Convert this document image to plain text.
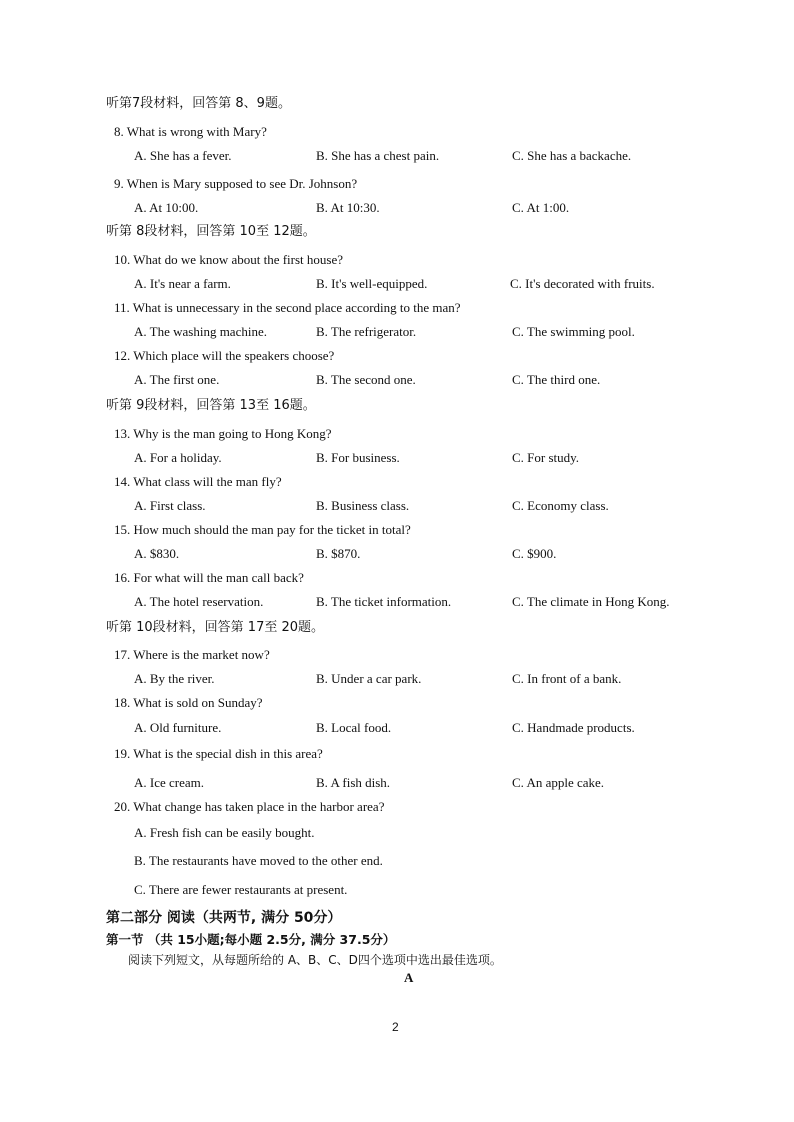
听第7段材料，回答第 8、9题。
8. What is wrong with Mary?
A. She has a fever.	B. She has a chest pain.	C. She has a backache.
9. When is Mary supposed to see Dr. Johnson?
A. At 10:00.	B. At 10:30.	C. At 1:00.
听第 8段材料，回答第 10至 12题。
10. What do we know about the first house?
A. It's near a farm.	B. It's well-equipped.	C. It's decorated with fruits.
11. What is unnecessary in the second place according to the man?
A. The washing machine.	B. The refrigerator.	C. The swimming pool.
12. Which place will the speakers choose?
A. The first one.	B. The second one.	C. The third one.
听第 9段材料，回答第 13至 16题。
13. Why is the man going to Hong Kong?
A. For a holiday.	B. For business.	C. For study.
14. What class will the man fly?
A. First class.	B. Business class.	C. Economy class.
15. How much should the man pay for the ticket in total?
A. $830.	B. $870.	C. $900.
16. For what will the man call back?
A. The hotel reservation.	B. The ticket information.	C. The climate in Hong Kong.
听第 10段材料，回答第 17至 20题。
17. Where is the market now?
A. By the river.	B. Under a car park.	C. In front of a bank.
18. What is sold on Sunday?
A. Old furniture.	B. Local food.	C. Handmade products.
19. What is the special dish in this area?
A. Ice cream.	B. A fish dish.	C. An apple cake.
20. What change has taken place in the harbor area?
A. Fresh fish can be easily bought.
B. The restaurants have moved to the other end.
C. There are fewer restaurants at present.
第二部分 阅读（共两节, 满分 50分）
第一节 （共 15小题;每小题 2.5分, 满分 37.5分）
阅读下列短文，从每题所给的 A、B、C、D四个选项中选出最佳选项。
A
2
